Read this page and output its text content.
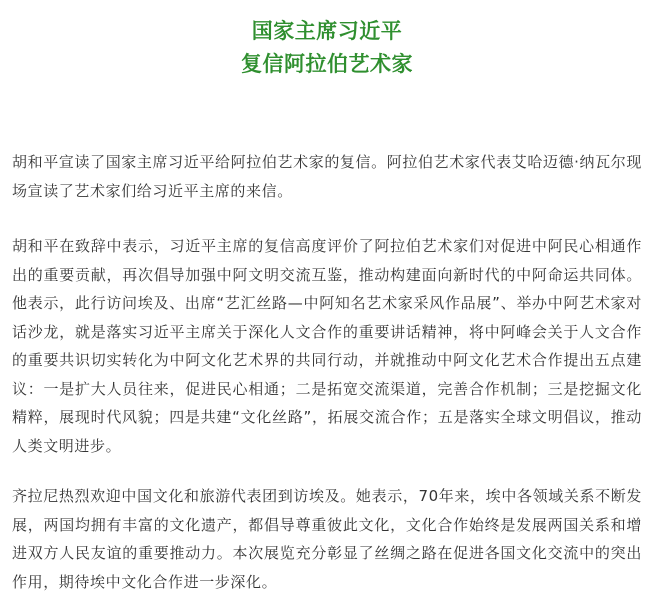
国家主席习近平
复信阿拉伯艺术家
胡和平宣读了国家主席习近平给阿拉伯艺术家的复信。阿拉伯艺术家代表艾哈迈德·纳瓦尔现场宣读了艺术家们给习近平主席的来信。
胡和平在致辞中表示，习近平主席的复信高度评价了阿拉伯艺术家们对促进中阿民心相通作出的重要贡献，再次倡导加强中阿文明交流互鉴，推动构建面向新时代的中阿命运共同体。他表示，此行访问埃及、出席“艺汇丝路—中阿知名艺术家采风作品展”、举办中阿艺术家对话沙龙，就是落实习近平主席关于深化人文合作的重要讲话精神，将中阿峰会关于人文合作的重要共识切实转化为中阿文化艺术界的共同行动，并就推动中阿文化艺术合作提出五点建议：一是扩大人员往来，促进民心相通；二是拓宽交流渠道，完善合作机制；三是挖掘文化精粹，展现时代风貌；四是共建“文化丝路”，拓展交流合作；五是落实全球文明倡议，推动人类文明进步。
齐拉尼热烈欢迎中国文化和旅游代表团到访埃及。她表示，70年来，埃中各领域关系不断发展，两国均拥有丰富的文化遗产，都倡导尊重彼此文化，文化合作始终是发展两国关系和增进双方人民友谊的重要推动力。本次展览充分彰显了丝绸之路在促进各国文化交流中的突出作用，期待埃中文化合作进一步深化。
